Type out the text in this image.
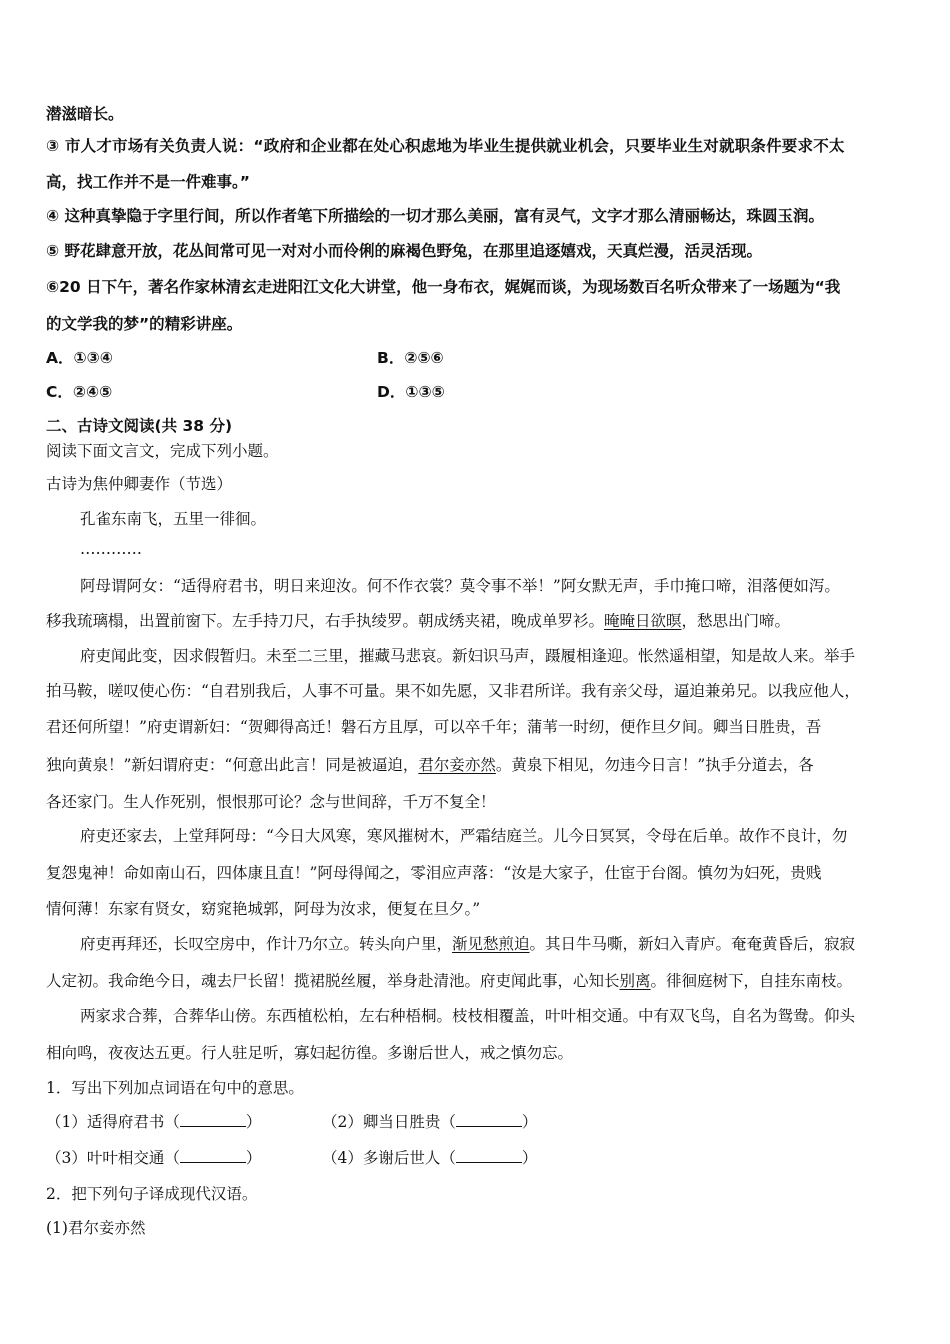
潜滋暗长。
③ 市人才市场有关负责人说：“政府和企业都在处心积虑地为毕业生提供就业机会，只要毕业生对就职条件要求不太
高，找工作并不是一件难事。”
④ 这种真挚隐于字里行间，所以作者笔下所描绘的一切才那么美丽，富有灵气，文字才那么清丽畅达，珠圆玉润。
⑤ 野花肆意开放，花丛间常可见一对对小而伶俐的麻褐色野兔，在那里追逐嬉戏，天真烂漫，活灵活现。
⑥20 日下午，著名作家林清玄走进阳江文化大讲堂，他一身布衣，娓娓而谈，为现场数百名听众带来了一场题为“我
的文学我的梦”的精彩讲座。
A．①③④	B．②⑤⑥
C．②④⑤	D．①③⑤
二、古诗文阅读(共 38 分)
阅读下面文言文，完成下列小题。
古诗为焦仲卿妻作（节选）
孔雀东南飞，五里一徘徊。
…………
阿母谓阿女：“适得府君书，明日来迎汝。何不作衣裳？莫令事不举！”阿女默无声，手巾掩口啼，泪落便如泻。
移我琉璃榻，出置前窗下。左手持刀尺，右手执绫罗。朝成绣夹裙，晚成单罗衫。晻晻日欲暝，愁思出门啼。
府吏闻此变，因求假暂归。未至二三里，摧藏马悲哀。新妇识马声，蹑履相逢迎。怅然遥相望，知是故人来。举手
拍马鞍，嗟叹使心伤：“自君别我后，人事不可量。果不如先愿，又非君所详。我有亲父母，逼迫兼弟兄。以我应他人，
君还何所望！”府吏谓新妇：“贺卿得高迁！磐石方且厚，可以卒千年；蒲苇一时纫，便作旦夕间。卿当日胜贵，吾
独向黄泉！”新妇谓府吏：“何意出此言！同是被逼迫，君尔妾亦然。黄泉下相见，勿违今日言！”执手分道去，各
各还家门。生人作死别，恨恨那可论？念与世间辞，千万不复全！
府吏还家去，上堂拜阿母：“今日大风寒，寒风摧树木，严霜结庭兰。儿今日冥冥，令母在后单。故作不良计，勿
复怨鬼神！命如南山石，四体康且直！”阿母得闻之，零泪应声落：“汝是大家子，仕宦于台阁。慎勿为妇死，贵贱
情何薄！东家有贤女，窈窕艳城郭，阿母为汝求，便复在旦夕。”
府吏再拜还，长叹空房中，作计乃尔立。转头向户里，渐见愁煎迫。其日牛马嘶，新妇入青庐。奄奄黄昏后，寂寂
人定初。我命绝今日，魂去尸长留！揽裙脱丝履，举身赴清池。府吏闻此事，心知长别离。徘徊庭树下，自挂东南枝。
两家求合葬，合葬华山傍。东西植松柏，左右种梧桐。枝枝相覆盖，叶叶相交通。中有双飞鸟，自名为鸳鸯。仰头
相向鸣，夜夜达五更。行人驻足听，寡妇起彷徨。多谢后世人，戒之慎勿忘。
1．写出下列加点词语在句中的意思。
（1）适得府君书（	）	（2）卿当日胜贵（	）
（3）叶叶相交通（	）	（4）多谢后世人（	）
2．把下列句子译成现代汉语。
(1)君尔妾亦然
